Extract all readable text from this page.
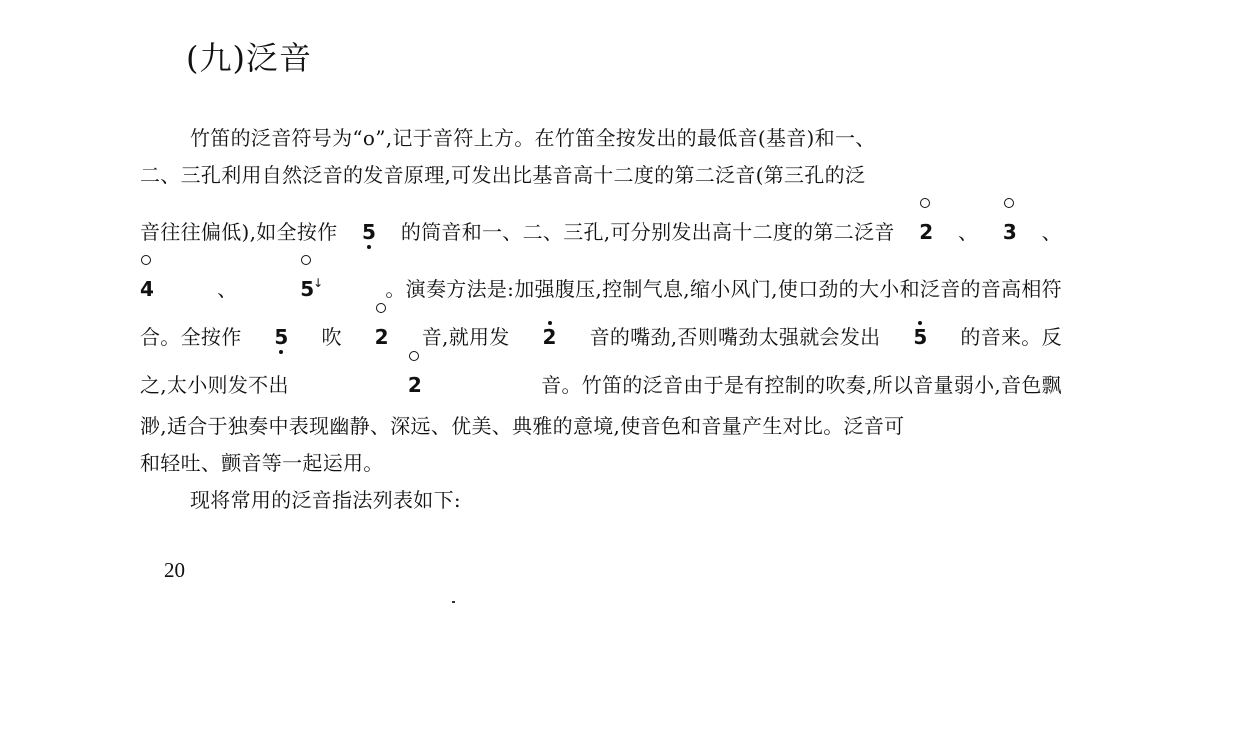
(九)泛音
竹笛的泛音符号为“o”,记于音符上方。在竹笛全按发出的最低音(基音)和一、
二、三孔利用自然泛音的发音原理,可发出比基音高十二度的第二泛音(第三孔的泛
音往往偏低),如全按作 5 的筒音和一、二、三孔,可分别发出高十二度的第二泛音 2 、 3 、
4	、	5
↓	。演奏方法是:加强腹压,控制气息,缩小风门,使口劲的大小和泛音的音高相符
合。全按作 5 吹 2 音,就用发 2 音的嘴劲,否则嘴劲太强就会发出 5 的音来。反
之,太小则发不出	2	音。竹笛的泛音由于是有控制的吹奏,所以音量弱小,音色飘
渺,适合于独奏中表现幽静、深远、优美、典雅的意境,使音色和音量产生对比。泛音可
和轻吐、颤音等一起运用。
现将常用的泛音指法列表如下:
20
